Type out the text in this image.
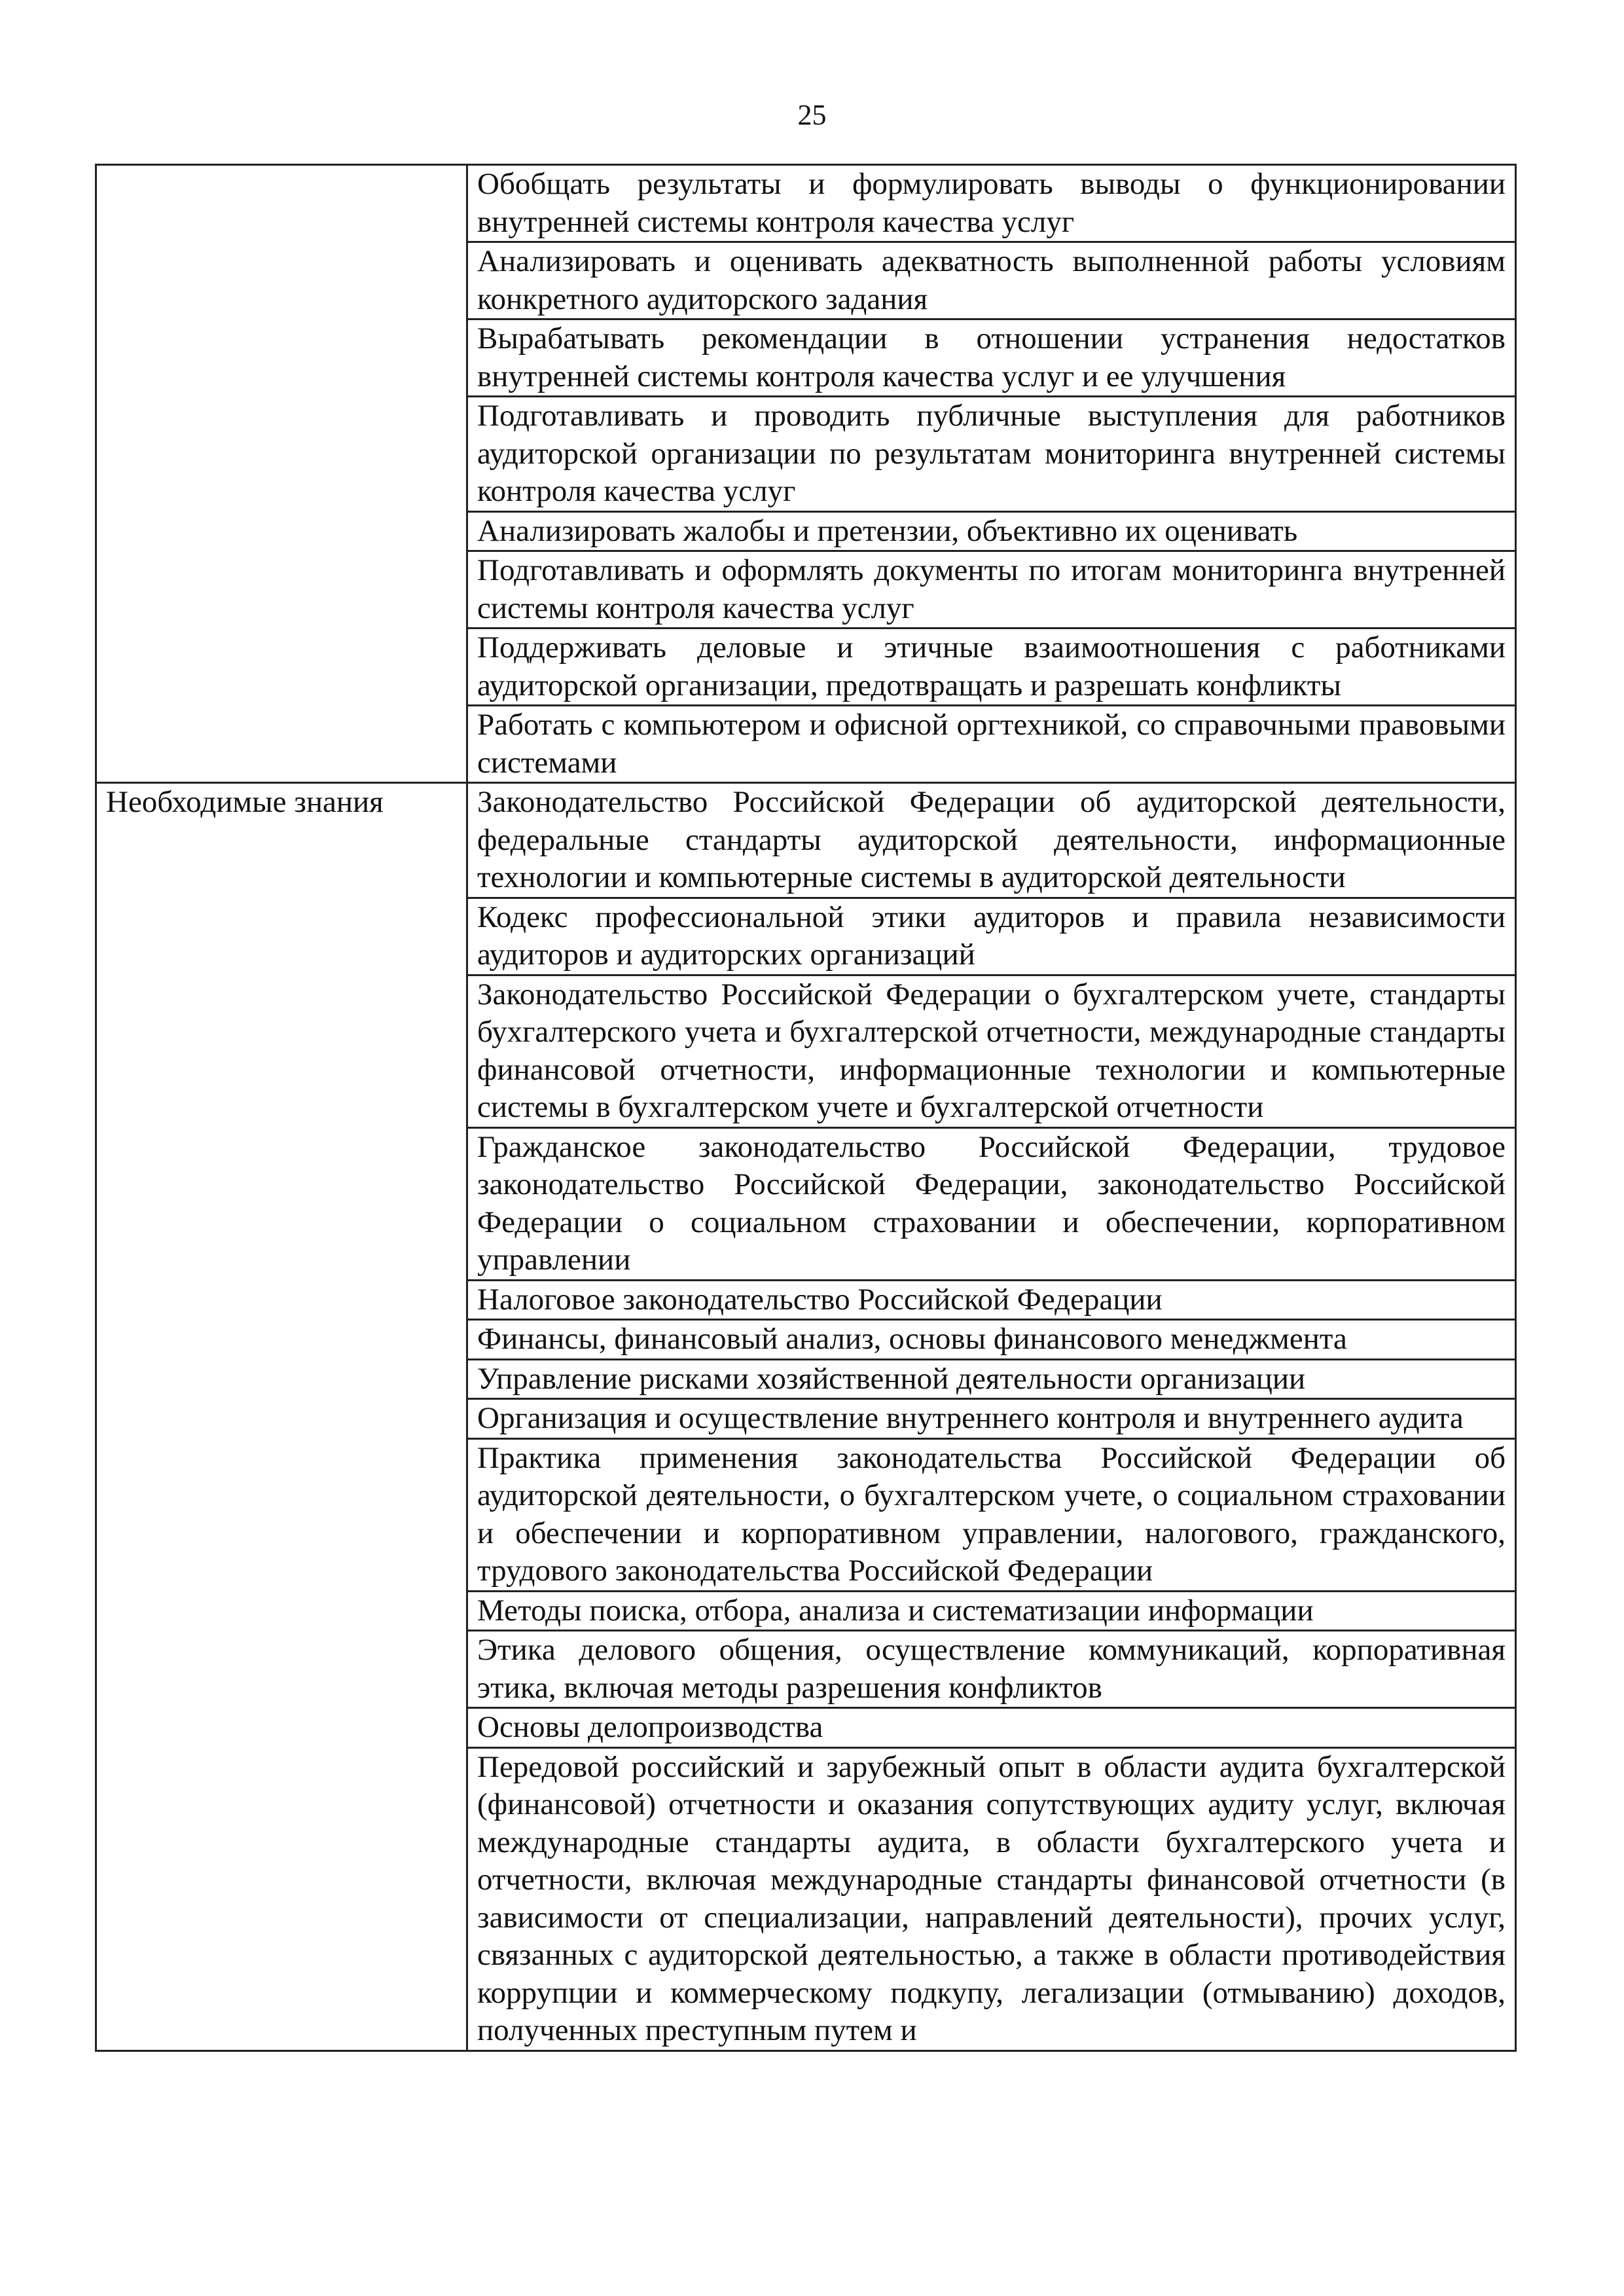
25
	Обобщать результаты и формулировать выводы о функционировании внутренней системы контроля качества услуг
	Анализировать и оценивать адекватность выполненной работы условиям конкретного аудиторского задания
	Вырабатывать рекомендации в отношении устранения недостатков внутренней системы контроля качества услуг и ее улучшения
	Подготавливать и проводить публичные выступления для работников аудиторской организации по результатам мониторинга внутренней системы контроля качества услуг
	Анализировать жалобы и претензии, объективно их оценивать
	Подготавливать и оформлять документы по итогам мониторинга внутренней системы контроля качества услуг
	Поддерживать деловые и этичные взаимоотношения с работниками аудиторской организации, предотвращать и разрешать конфликты
	Работать с компьютером и офисной оргтехникой, со справочными правовыми системами
Необходимые знания	Законодательство Российской Федерации об аудиторской деятельности, федеральные стандарты аудиторской деятельности, информационные технологии и компьютерные системы в аудиторской деятельности
	Кодекс профессиональной этики аудиторов и правила независимости аудиторов и аудиторских организаций
	Законодательство Российской Федерации о бухгалтерском учете, стандарты бухгалтерского учета и бухгалтерской отчетности, международные стандарты финансовой отчетности, информационные технологии и компьютерные системы в бухгалтерском учете и бухгалтерской отчетности
	Гражданское законодательство Российской Федерации, трудовое законодательство Российской Федерации, законодательство Российской Федерации о социальном страховании и обеспечении, корпоративном управлении
	Налоговое законодательство Российской Федерации
	Финансы, финансовый анализ, основы финансового менеджмента
	Управление рисками хозяйственной деятельности организации
	Организация и осуществление внутреннего контроля и внутреннего аудита
	Практика применения законодательства Российской Федерации об аудиторской деятельности, о бухгалтерском учете, о социальном страховании и обеспечении и корпоративном управлении, налогового, гражданского, трудового законодательства Российской Федерации
	Методы поиска, отбора, анализа и систематизации информации
	Этика делового общения, осуществление коммуникаций, корпоративная этика, включая методы разрешения конфликтов
	Основы делопроизводства
	Передовой российский и зарубежный опыт в области аудита бухгалтерской (финансовой) отчетности и оказания сопутствующих аудиту услуг, включая международные стандарты аудита, в области бухгалтерского учета и отчетности, включая международные стандарты финансовой отчетности (в зависимости от специализации, направлений деятельности), прочих услуг, связанных с аудиторской деятельностью, а также в области противодействия коррупции и коммерческому подкупу, легализации (отмыванию) доходов, полученных преступным путем и
